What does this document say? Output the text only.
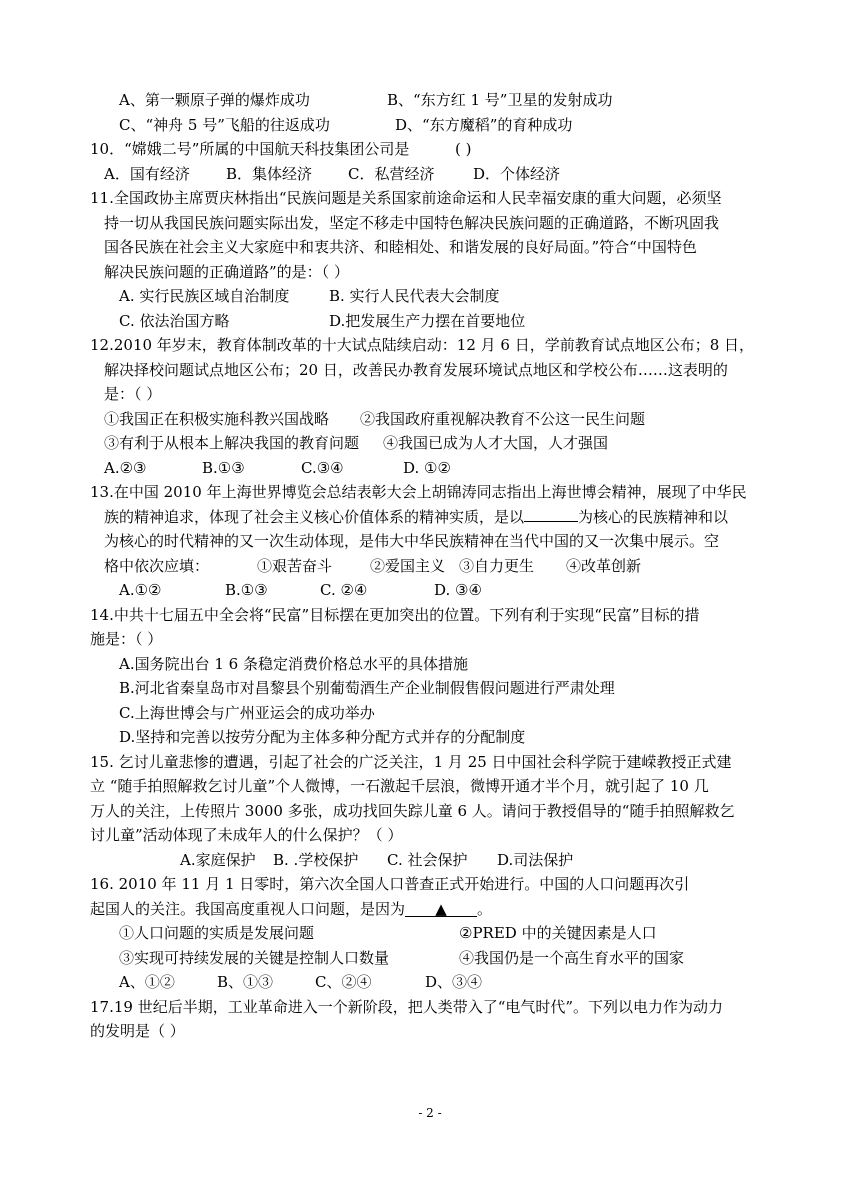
A、第一颗原子弹的爆炸成功	B、“东方红 1 号”卫星的发射成功
C、“神舟 5 号”飞船的往返成功	D、“东方魔稻”的育种成功
10．“嫦娥二号”所属的中国航天科技集团公司是	( )
A．国有经济 B．集体经济 C．私营经济	D．个体经济
11.全国政协主席贾庆林指出“民族问题是关系国家前途命运和人民幸福安康的重大问题，必须坚
持一切从我国民族问题实际出发，坚定不移走中国特色解决民族问题的正确道路，不断巩固我
国各民族在社会主义大家庭中和衷共济、和睦相处、和谐发展的良好局面。”符合“中国特色
解决民族问题的正确道路”的是：（ ）
A. 实行民族区域自治制度	B. 实行人民代表大会制度
C. 依法治国方略	D.把发展生产力摆在首要地位
12.2010 年岁末，教育体制改革的十大试点陆续启动：12 月 6 日，学前教育试点地区公布；8 日，
解决择校问题试点地区公布；20 日，改善民办教育发展环境试点地区和学校公布……这表明的
是：（ ）
①我国正在积极实施科教兴国战略 ②我国政府重视解决教育不公这一民生问题
③有利于从根本上解决我国的教育问题 ④我国已成为人才大国，人才强国
A.②③	B.①③	C.③④	D. ①②
13.在中国 2010 年上海世界博览会总结表彰大会上胡锦涛同志指出上海世博会精神，展现了中华民
族的精神追求，体现了社会主义核心价值体系的精神实质，是以	为核心的民族精神和以
为核心的时代精神的又一次生动体现，是伟大中华民族精神在当代中国的又一次集中展示。空
格中依次应填：	①艰苦奋斗	②爱国主义 ③自力更生 ④改革创新
A.①②	B.①③	C. ②④	D. ③④
14.中共十七届五中全会将“民富”目标摆在更加突出的位置。下列有利于实现“民富”目标的措
施是：（ ）
A.国务院出台 1 6 条稳定消费价格总水平的具体措施
B.河北省秦皇岛市对昌黎县个别葡萄酒生产企业制假售假问题进行严肃处理
C.上海世博会与广州亚运会的成功举办
D.坚持和完善以按劳分配为主体多种分配方式并存的分配制度
15. 乞讨儿童悲惨的遭遇，引起了社会的广泛关注，1 月 25 日中国社会科学院于建嵘教授正式建
立 “随手拍照解救乞讨儿童”个人微博，一石激起千层浪，微博开通才半个月，就引起了 10 几
万人的关注，上传照片 3000 多张，成功找回失踪儿童 6 人。请问于教授倡导的“随手拍照解救乞
讨儿童”活动体现了未成年人的什么保护？（ ）
A.家庭保护 B. .学校保护 C. 社会保护 D.司法保护
16. 2010 年 11 月 1 日零时，第六次全国人口普查正式开始进行。中国的人口问题再次引
起国人的关注。我国高度重视人口问题，是因为 ▲ 。
①人口问题的实质是发展问题	②PRED 中的关键因素是人口
③实现可持续发展的关键是控制人口数量	④我国仍是一个高生育水平的国家
A、①②	B、①③	C、②④	D、③④
17.19 世纪后半期，工业革命进入一个新阶段，把人类带入了“电气时代”。下列以电力作为动力
的发明是（ ）
- 2 -
